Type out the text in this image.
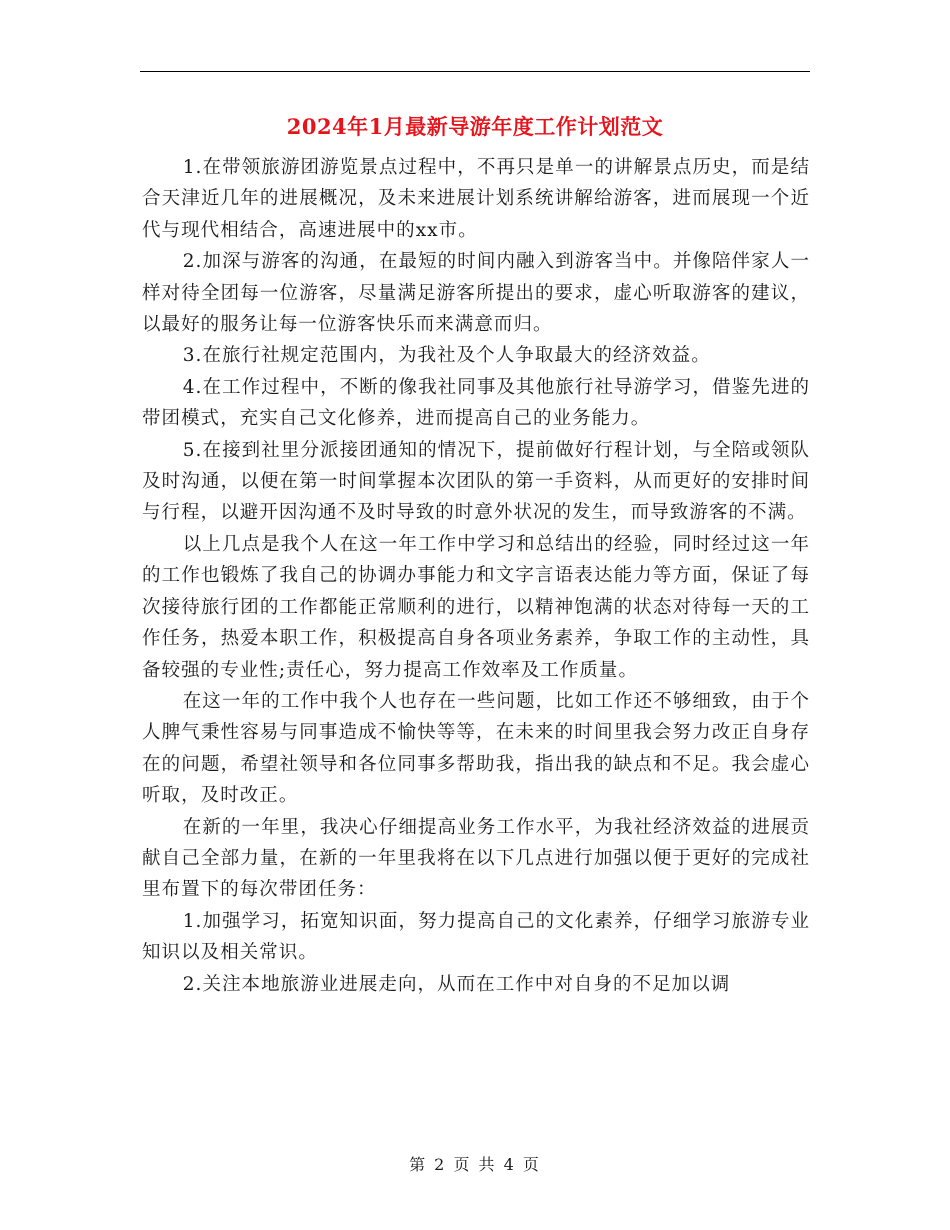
2024年1月最新导游年度工作计划范文

1.在带领旅游团游览景点过程中，不再只是单一的讲解景点历史，而是结合天津近几年的进展概况，及未来进展计划系统讲解给游客，进而展现一个近代与现代相结合，高速进展中的xx市。

2.加深与游客的沟通，在最短的时间内融入到游客当中。并像陪伴家人一样对待全团每一位游客，尽量满足游客所提出的要求，虚心听取游客的建议，以最好的服务让每一位游客快乐而来满意而归。

3.在旅行社规定范围内，为我社及个人争取最大的经济效益。

4.在工作过程中，不断的像我社同事及其他旅行社导游学习，借鉴先进的带团模式，充实自己文化修养，进而提高自己的业务能力。

5.在接到社里分派接团通知的情况下，提前做好行程计划，与全陪或领队及时沟通，以便在第一时间掌握本次团队的第一手资料，从而更好的安排时间与行程，以避开因沟通不及时导致的时意外状况的发生，而导致游客的不满。

以上几点是我个人在这一年工作中学习和总结出的经验，同时经过这一年的工作也锻炼了我自己的协调办事能力和文字言语表达能力等方面，保证了每次接待旅行团的工作都能正常顺利的进行，以精神饱满的状态对待每一天的工作任务，热爱本职工作，积极提高自身各项业务素养，争取工作的主动性，具备较强的专业性;责任心，努力提高工作效率及工作质量。

在这一年的工作中我个人也存在一些问题，比如工作还不够细致，由于个人脾气秉性容易与同事造成不愉快等等，在未来的时间里我会努力改正自身存在的问题，希望社领导和各位同事多帮助我，指出我的缺点和不足。我会虚心听取，及时改正。

在新的一年里，我决心仔细提高业务工作水平，为我社经济效益的进展贡献自己全部力量，在新的一年里我将在以下几点进行加强以便于更好的完成社里布置下的每次带团任务：

1.加强学习，拓宽知识面，努力提高自己的文化素养，仔细学习旅游专业知识以及相关常识。

2.关注本地旅游业进展走向，从而在工作中对自身的不足加以调

第 2 页 共 4 页
